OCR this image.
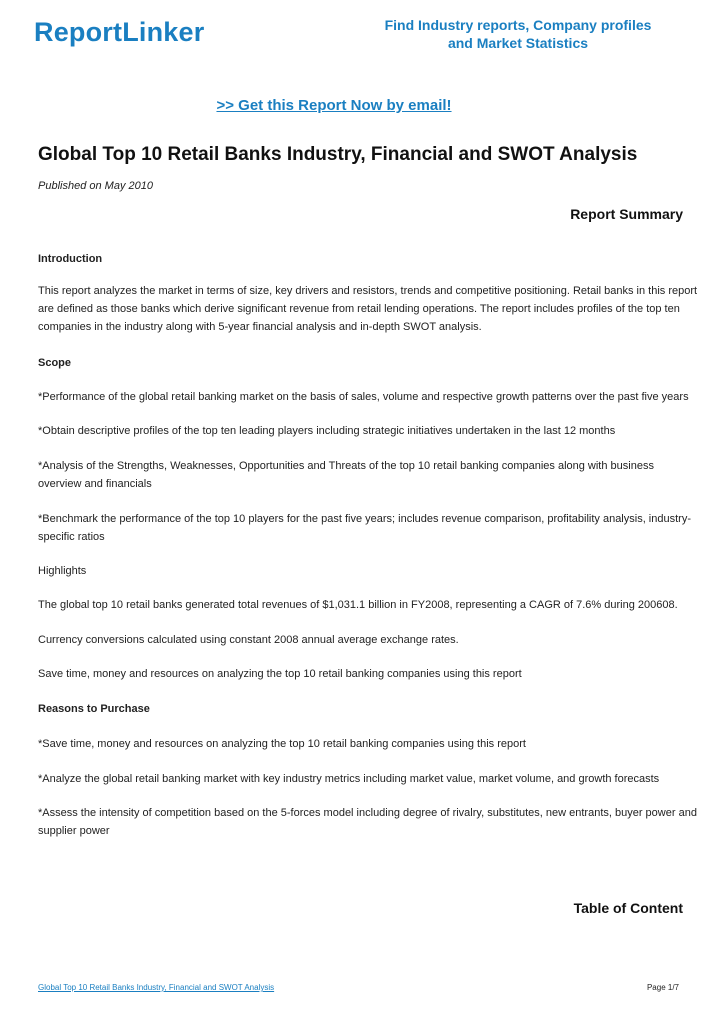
ReportLinker	Find Industry reports, Company profiles
and Market Statistics
>> Get this Report Now by email!
Global Top 10 Retail Banks Industry, Financial and SWOT Analysis
Published on May 2010
Report Summary
Introduction
This report analyzes the market in terms of size, key drivers and resistors, trends and competitive positioning. Retail banks in this report are defined as those banks which derive significant revenue from retail lending operations. The report includes profiles of the top ten companies in the industry along with 5-year financial analysis and in-depth SWOT analysis.
Scope
*Performance of the global retail banking market on the basis of sales, volume and respective growth patterns over the past five years
*Obtain descriptive profiles of the top ten leading players including strategic initiatives undertaken in the last 12 months
*Analysis of the Strengths, Weaknesses, Opportunities and Threats of the top 10 retail banking companies along with business overview and financials
*Benchmark the performance of the top 10 players for the past five years; includes revenue comparison, profitability analysis, industry-specific ratios
Highlights
The global top 10 retail banks generated total revenues of $1,031.1 billion in FY2008, representing a CAGR of 7.6% during 200608.
Currency conversions calculated using constant 2008 annual average exchange rates.
Save time, money and resources on analyzing the top 10 retail banking companies using this report
Reasons to Purchase
*Save time, money and resources on analyzing the top 10 retail banking companies using this report
*Analyze the global retail banking market with key industry metrics including market value, market volume, and growth forecasts
*Assess the intensity of competition based on the 5-forces model including degree of rivalry, substitutes, new entrants, buyer power and supplier power
Table of Content
Global Top 10 Retail Banks Industry, Financial and SWOT Analysis	Page 1/7
